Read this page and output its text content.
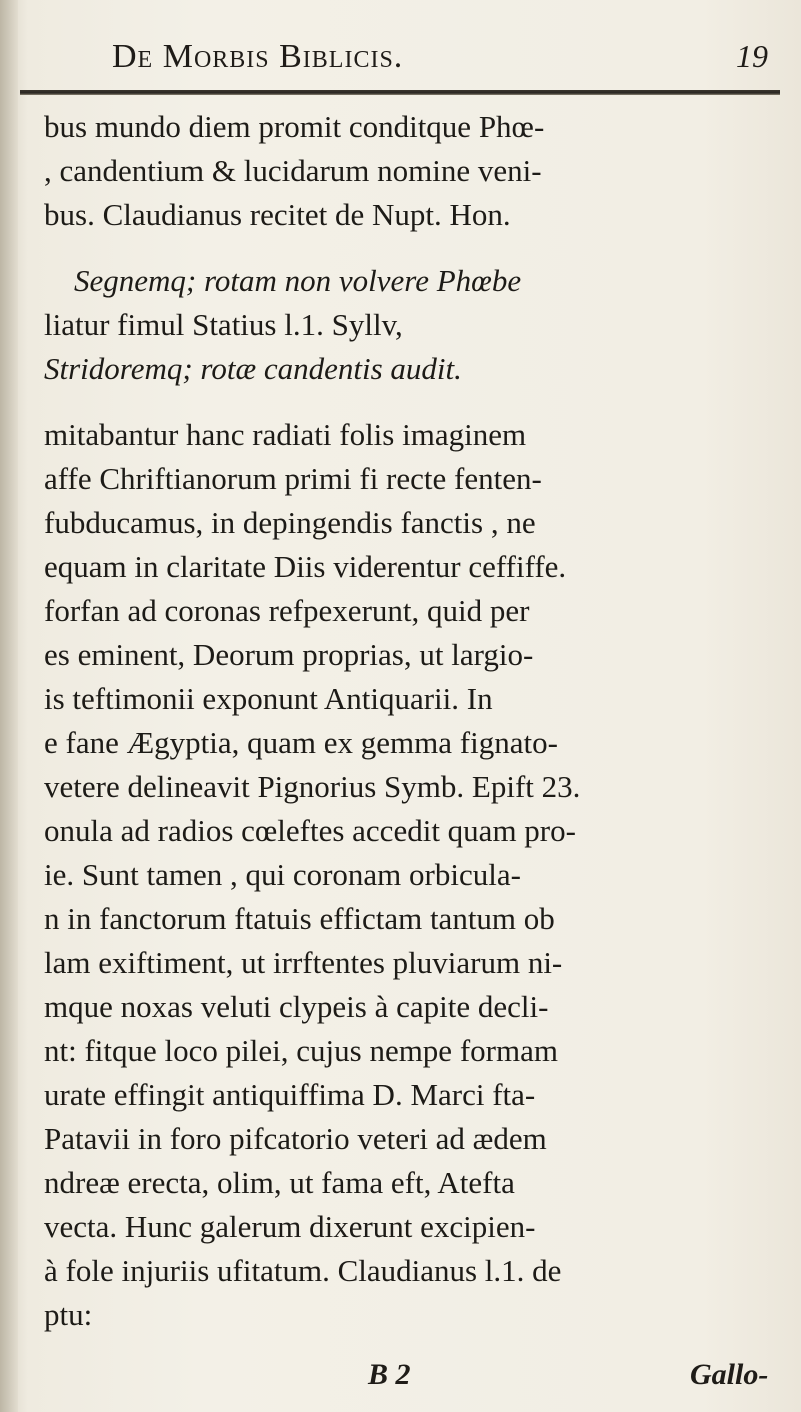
De Morbis Biblicis.	19
bus mundo diem promit conditque Phœ-
, candentium & lucidarum nomine veni-
bus. Claudianus recitet de Nupt. Hon.
Segnemq; rotam non volvere Phœbe
liatur fimul Statius l.1. Syllv,
Stridoremq; rotæ candentis audit.
mitabantur hanc radiati folis imaginem
affe Chriftianorum primi fi recte fenten-
fubducamus, in depingendis fanctis , ne
equam in claritate Diis viderentur ceffiffe.
forfan ad coronas refpexerunt, quid per
es eminent, Deorum proprias, ut largio-
is teftimonii exponunt Antiquarii. In
e fane Ægyptia, quam ex gemma fignato-
vetere delineavit Pignorius Symb. Epift 23.
onula ad radios cœleftes accedit quam pro-
ie. Sunt tamen , qui coronam orbicula-
n in fanctorum ftatuis effictam tantum ob
lam exiftiment, ut irrftentes pluviarum ni-
mque noxas veluti clypeis à capite decli-
nt: fitque loco pilei, cujus nempe formam
urate effingit antiquiffima D. Marci fta-
Patavii in foro pifcatorio veteri ad ædem
ndreæ erecta, olim, ut fama eft, Atefta
vecta. Hunc galerum dixerunt excipien-
à fole injuriis ufitatum. Claudianus l.1. de
ptu:
B 2	Gallo-
